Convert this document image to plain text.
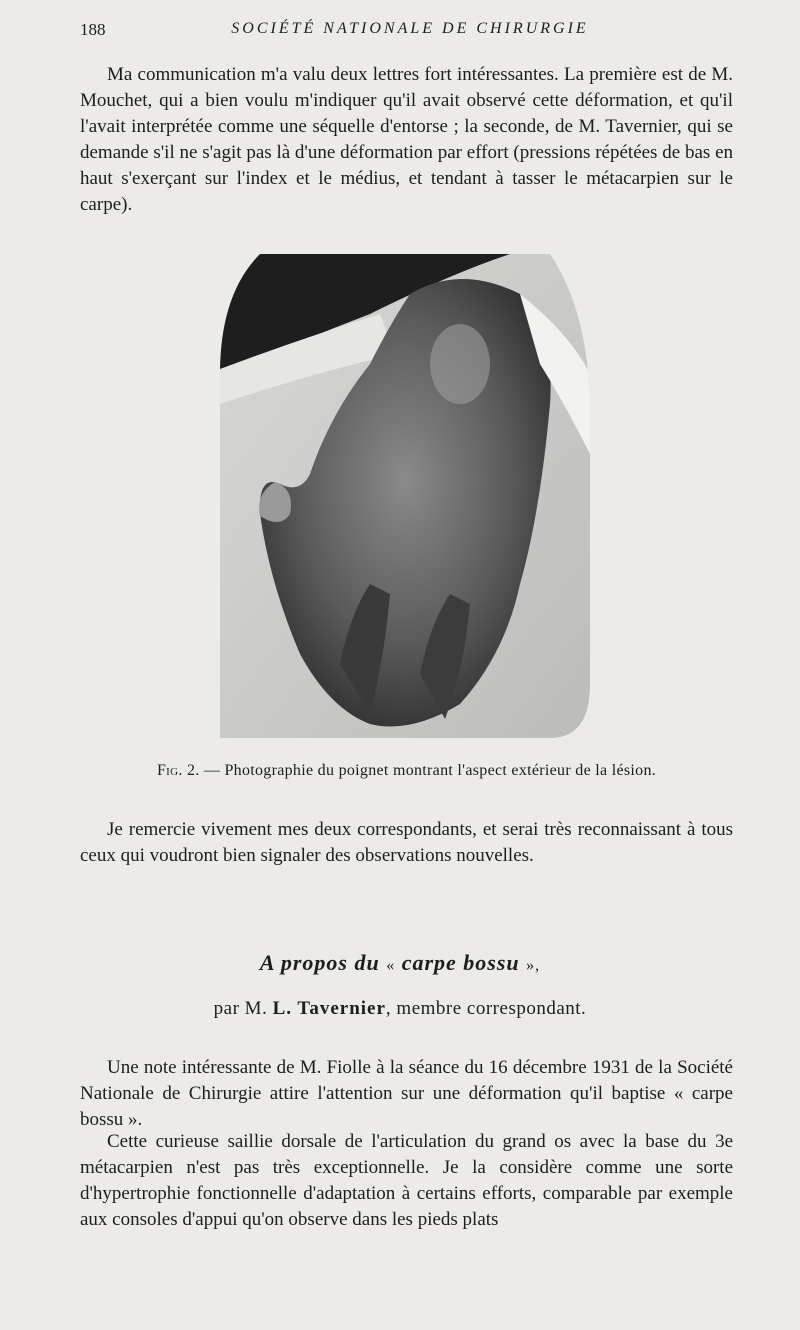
188	SOCIÉTÉ NATIONALE DE CHIRURGIE

Ma communication m'a valu deux lettres fort intéressantes. La première est de M. Mouchet, qui a bien voulu m'indiquer qu'il avait observé cette déformation, et qu'il l'avait interprétée comme une séquelle d'entorse ; la seconde, de M. Tavernier, qui se demande s'il ne s'agit pas là d'une déformation par effort (pressions répétées de bas en haut s'exerçant sur l'index et le médius, et tendant à tasser le métacarpien sur le carpe).

Fig. 2. — Photographie du poignet montrant l'aspect extérieur de la lésion.

Je remercie vivement mes deux correspondants, et serai très reconnaissant à tous ceux qui voudront bien signaler des observations nouvelles.

A propos du « carpe bossu »,
par M. L. Tavernier, membre correspondant.

Une note intéressante de M. Fiolle à la séance du 16 décembre 1931 de la Société Nationale de Chirurgie attire l'attention sur une déformation qu'il baptise « carpe bossu ».

Cette curieuse saillie dorsale de l'articulation du grand os avec la base du 3e métacarpien n'est pas très exceptionnelle. Je la considère comme une sorte d'hypertrophie fonctionnelle d'adaptation à certains efforts, comparable par exemple aux consoles d'appui qu'on observe dans les pieds plats
